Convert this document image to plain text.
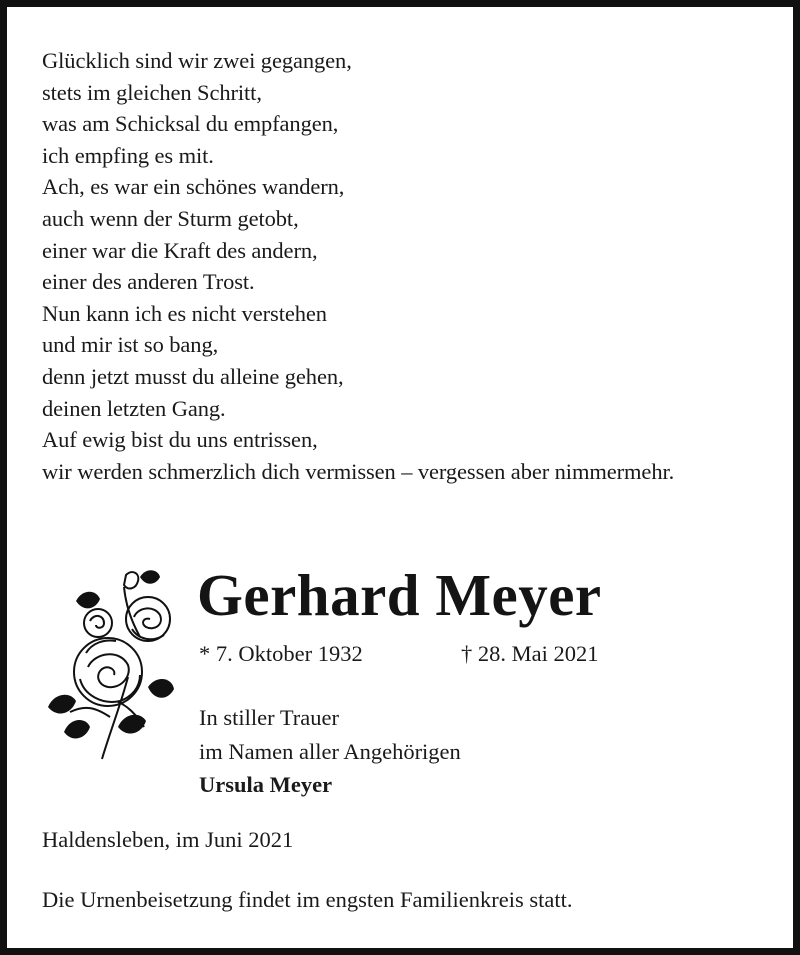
Glücklich sind wir zwei gegangen,
stets im gleichen Schritt,
was am Schicksal du empfangen,
ich empfing es mit.
Ach, es war ein schönes wandern,
auch wenn der Sturm getobt,
einer war die Kraft des andern,
einer des anderen Trost.
Nun kann ich es nicht verstehen
und mir ist so bang,
denn jetzt musst du alleine gehen,
deinen letzten Gang.
Auf ewig bist du uns entrissen,
wir werden schmerzlich dich vermissen – vergessen aber nimmermehr.
Gerhard Meyer
* 7. Oktober 1932	† 28. Mai 2021
In stiller Trauer
im Namen aller Angehörigen
Ursula Meyer
Haldensleben, im Juni 2021
Die Urnenbeisetzung findet im engsten Familienkreis statt.
